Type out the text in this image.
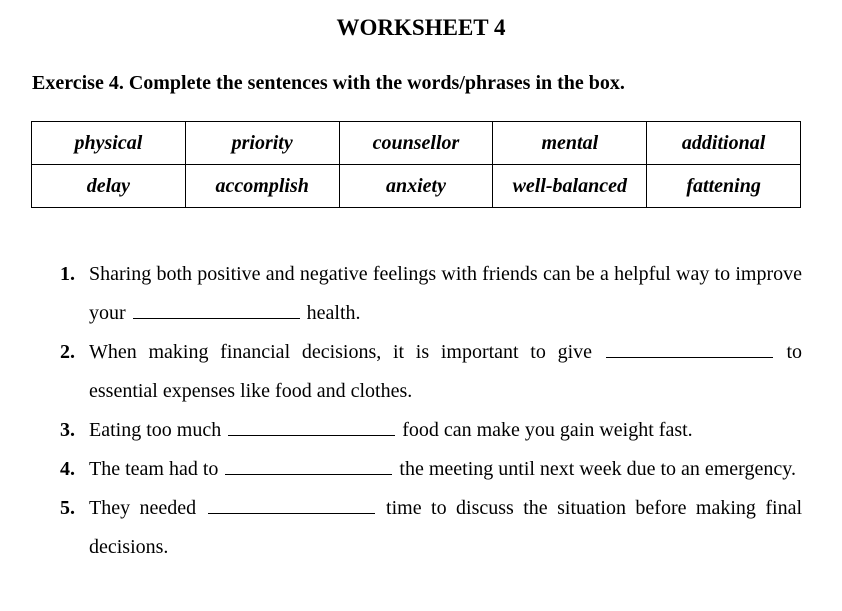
WORKSHEET 4
Exercise 4. Complete the sentences with the words/phrases in the box.
physical	priority	counsellor	mental	additional
delay	accomplish	anxiety	well-balanced	fattening
1. Sharing both positive and negative feelings with friends can be a helpful way to improve your	health.
2. When making financial decisions, it is important to give	to essential expenses like food and clothes.
3. Eating too much	food can make you gain weight fast.
4. The team had to	the meeting until next week due to an emergency.
5. They needed	time to discuss the situation before making final decisions.
